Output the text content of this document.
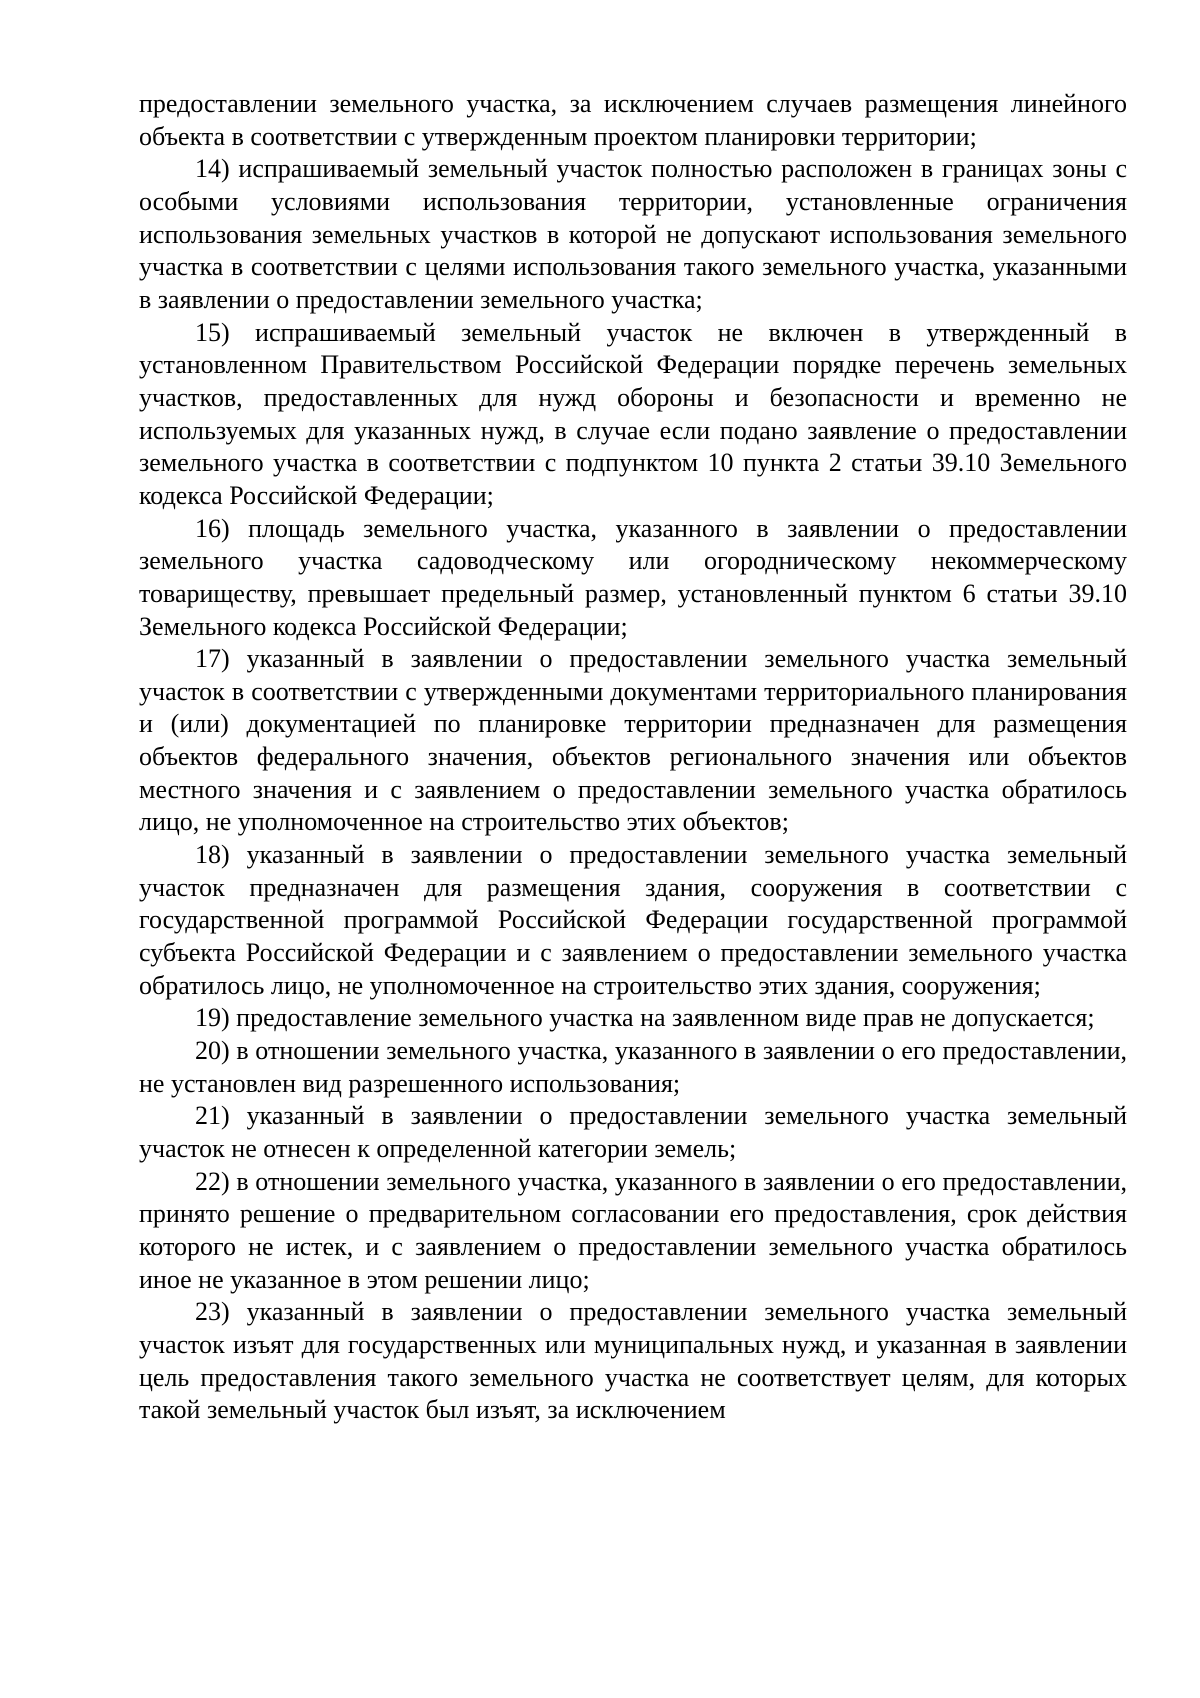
предоставлении земельного участка, за исключением случаев размещения линейного объекта в соответствии с утвержденным проектом планировки территории;

14) испрашиваемый земельный участок полностью расположен в границах зоны с особыми условиями использования территории, установленные ограничения использования земельных участков в которой не допускают использования земельного участка в соответствии с целями использования такого земельного участка, указанными в заявлении о предоставлении земельного участка;

15) испрашиваемый земельный участок не включен в утвержденный в установленном Правительством Российской Федерации порядке перечень земельных участков, предоставленных для нужд обороны и безопасности и временно не используемых для указанных нужд, в случае если подано заявление о предоставлении земельного участка в соответствии с подпунктом 10 пункта 2 статьи 39.10 Земельного кодекса Российской Федерации;

16) площадь земельного участка, указанного в заявлении о предоставлении земельного участка садоводческому или огородническому некоммерческому товариществу, превышает предельный размер, установленный пунктом 6 статьи 39.10 Земельного кодекса Российской Федерации;

17) указанный в заявлении о предоставлении земельного участка земельный участок в соответствии с утвержденными документами территориального планирования и (или) документацией по планировке территории предназначен для размещения объектов федерального значения, объектов регионального значения или объектов местного значения и с заявлением о предоставлении земельного участка обратилось лицо, не уполномоченное на строительство этих объектов;

18) указанный в заявлении о предоставлении земельного участка земельный участок предназначен для размещения здания, сооружения в соответствии с государственной программой Российской Федерации государственной программой субъекта Российской Федерации и с заявлением о предоставлении земельного участка обратилось лицо, не уполномоченное на строительство этих здания, сооружения;

19) предоставление земельного участка на заявленном виде прав не допускается;

20) в отношении земельного участка, указанного в заявлении о его предоставлении, не установлен вид разрешенного использования;

21) указанный в заявлении о предоставлении земельного участка земельный участок не отнесен к определенной категории земель;

22) в отношении земельного участка, указанного в заявлении о его предоставлении, принято решение о предварительном согласовании его предоставления, срок действия которого не истек, и с заявлением о предоставлении земельного участка обратилось иное не указанное в этом решении лицо;

23) указанный в заявлении о предоставлении земельного участка земельный участок изъят для государственных или муниципальных нужд, и указанная в заявлении цель предоставления такого земельного участка не соответствует целям, для которых такой земельный участок был изъят, за исключением
